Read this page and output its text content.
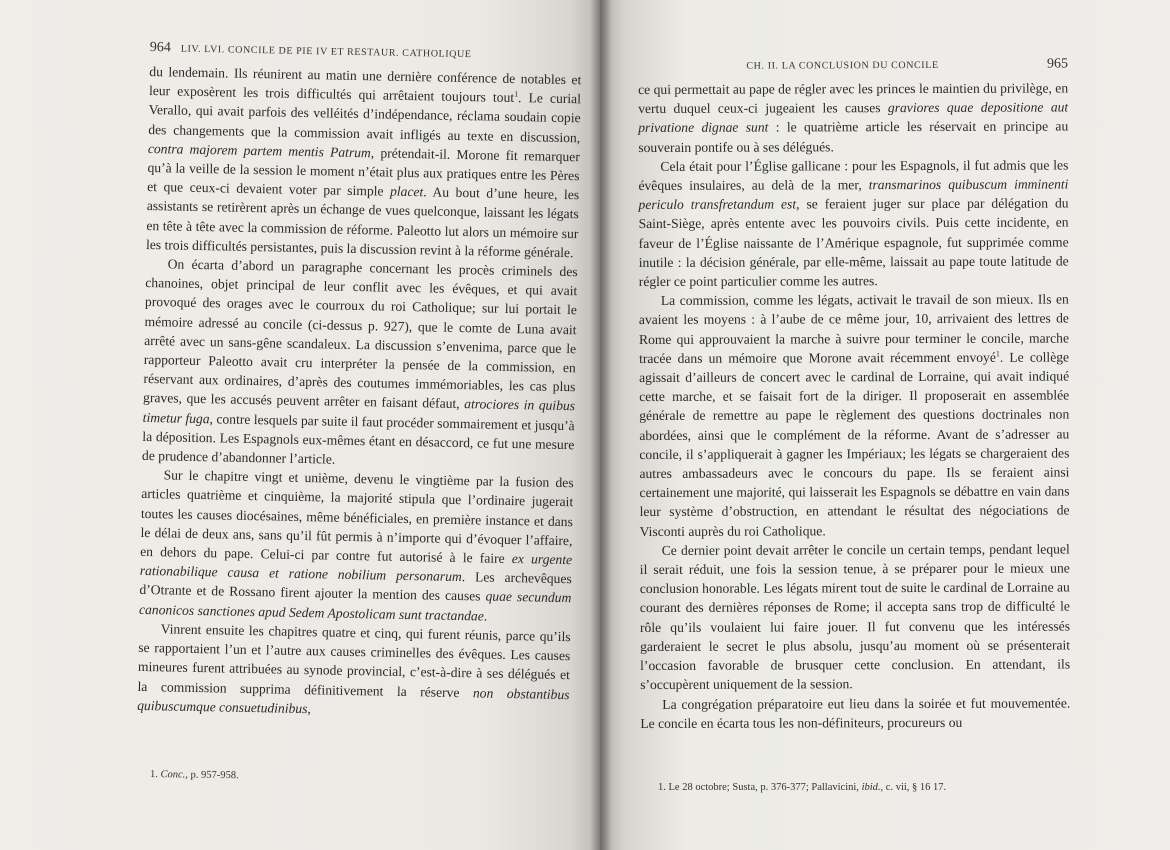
964 LIV. LVI. CONCILE DE PIE IV ET RESTAUR. CATHOLIQUE

du lendemain. Ils réunirent au matin une dernière conférence de notables et leur exposèrent les trois difficultés qui arrêtaient toujours tout$^1$. Le curial Verallo, qui avait parfois des velléités d’indépendance, réclama soudain copie des changements que la commission avait infligés au texte en discussion, contra majorem partem mentis Patrum, prétendait-il. Morone fit remarquer qu’à la veille de la session le moment n’était plus aux pratiques entre les Pères et que ceux-ci devaient voter par simple placet. Au bout d’une heure, les assistants se retirèrent après un échange de vues quelconque, laissant les légats en tête à tête avec la commission de réforme. Paleotto lut alors un mémoire sur les trois difficultés persistantes, puis la discussion revint à la réforme générale.

On écarta d’abord un paragraphe concernant les procès criminels des chanoines, objet principal de leur conflit avec les évêques, et qui avait provoqué des orages avec le courroux du roi Catholique; sur lui portait le mémoire adressé au concile (ci-dessus p. 927), que le comte de Luna avait arrêté avec un sans-gêne scandaleux. La discussion s’envenima, parce que le rapporteur Paleotto avait cru interpréter la pensée de la commission, en réservant aux ordinaires, d’après des coutumes immémoriables, les cas plus graves, que les accusés peuvent arrêter en faisant défaut, atrociores in quibus timetur fuga, contre lesquels par suite il faut procéder sommairement et jusqu’à la déposition. Les Espagnols eux-mêmes étant en désaccord, ce fut une mesure de prudence d’abandonner l’article.

Sur le chapitre vingt et unième, devenu le vingtième par la fusion des articles quatrième et cinquième, la majorité stipula que l’ordinaire jugerait toutes les causes diocésaines, même bénéficiales, en première instance et dans le délai de deux ans, sans qu’il fût permis à n’importe qui d’évoquer l’affaire, en dehors du pape. Celui-ci par contre fut autorisé à le faire ex urgente rationabilique causa et ratione nobilium personarum. Les archevêques d’Otrante et de Rossano firent ajouter la mention des causes quae secundum canonicos sanctiones apud Sedem Apostolicam sunt tractandae.

Vinrent ensuite les chapitres quatre et cinq, qui furent réunis, parce qu’ils se rapportaient l’un et l’autre aux causes criminelles des évêques. Les causes mineures furent attribuées au synode provincial, c’est-à-dire à ses délégués et la commission supprima définitivement la réserve non obstantibus quibuscumque consuetudinibus,

1. Conc., p. 957-958.
CH. II. LA CONCLUSION DU CONCILE	965

ce qui permettait au pape de régler avec les princes le maintien du privilège, en vertu duquel ceux-ci jugeaient les causes graviores quae depositione aut privatione dignae sunt : le quatrième article les réservait en principe au souverain pontife ou à ses délégués.

Cela était pour l’Église gallicane : pour les Espagnols, il fut admis que les évêques insulaires, au delà de la mer, transmarinos quibuscum imminenti periculo transfretandum est, se feraient juger sur place par délégation du Saint-Siège, après entente avec les pouvoirs civils. Puis cette incidente, en faveur de l’Église naissante de l’Amérique espagnole, fut supprimée comme inutile : la décision générale, par elle-même, laissait au pape toute latitude de régler ce point particulier comme les autres.

La commission, comme les légats, activait le travail de son mieux. Ils en avaient les moyens : à l’aube de ce même jour, 10, arrivaient des lettres de Rome qui approuvaient la marche à suivre pour terminer le concile, marche tracée dans un mémoire que Morone avait récemment envoyé$^1$. Le collège agissait d’ailleurs de concert avec le cardinal de Lorraine, qui avait indiqué cette marche, et se faisait fort de la diriger. Il proposerait en assemblée générale de remettre au pape le règlement des questions doctrinales non abordées, ainsi que le complément de la réforme. Avant de s’adresser au concile, il s’appliquerait à gagner les Impériaux; les légats se chargeraient des autres ambassadeurs avec le concours du pape. Ils se feraient ainsi certainement une majorité, qui laisserait les Espagnols se débattre en vain dans leur système d’obstruction, en attendant le résultat des négociations de Visconti auprès du roi Catholique.

Ce dernier point devait arrêter le concile un certain temps, pendant lequel il serait réduit, une fois la session tenue, à se préparer pour le mieux une conclusion honorable. Les légats mirent tout de suite le cardinal de Lorraine au courant des dernières réponses de Rome; il accepta sans trop de difficulté le rôle qu’ils voulaient lui faire jouer. Il fut convenu que les intéressés garderaient le secret le plus absolu, jusqu’au moment où se présenterait l’occasion favorable de brusquer cette conclusion. En attendant, ils s’occupèrent uniquement de la session.

La congrégation préparatoire eut lieu dans la soirée et fut mouvementée. Le concile en écarta tous les non-définiteurs, procureurs ou

1. Le 28 octobre; Susta, p. 376-377; Pallavicini, ibid., c. vii, § 16 17.
